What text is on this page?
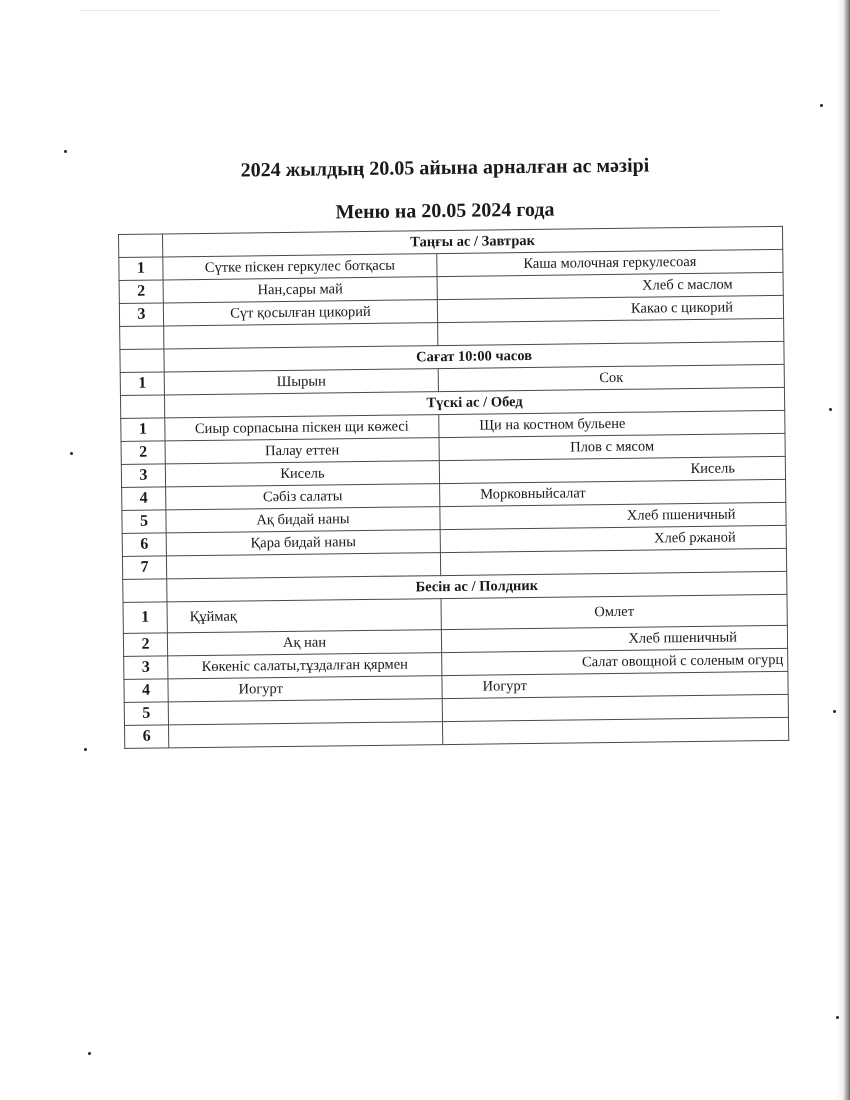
2024 жылдың 20.05 айына арналған ас мәзірі
Меню на 20.05 2024 года
	Таңғы ас / Завтрак	
1	Сүтке піскен геркулес ботқасы	Каша молочная геркулесоая
2	Нан,сары май	Хлеб с маслом
3	Сүт қосылған цикорий	Какао с цикорий

	Сағат 10:00 часов	
1	Шырын	Сок
	Түскі ас / Обед	
1	Сиыр сорпасына піскен щи көжесі	Щи на костном бульене
2	Палау еттен	Плов с мясом
3	Кисель	Кисель
4	Сәбіз салаты	Морковныйсалат
5	Ақ бидай наны	Хлеб пшеничный
6	Қара бидай наны	Хлеб ржаной
7		
	Бесін ас / Полдник	
1	Құймақ	Омлет
2	Ақ нан	Хлеб пшеничный
3	Көкеніс салаты,тұздалған қярмен	Салат овощной с соленым огурц
4	Иогурт	Иогурт
5		
6		
